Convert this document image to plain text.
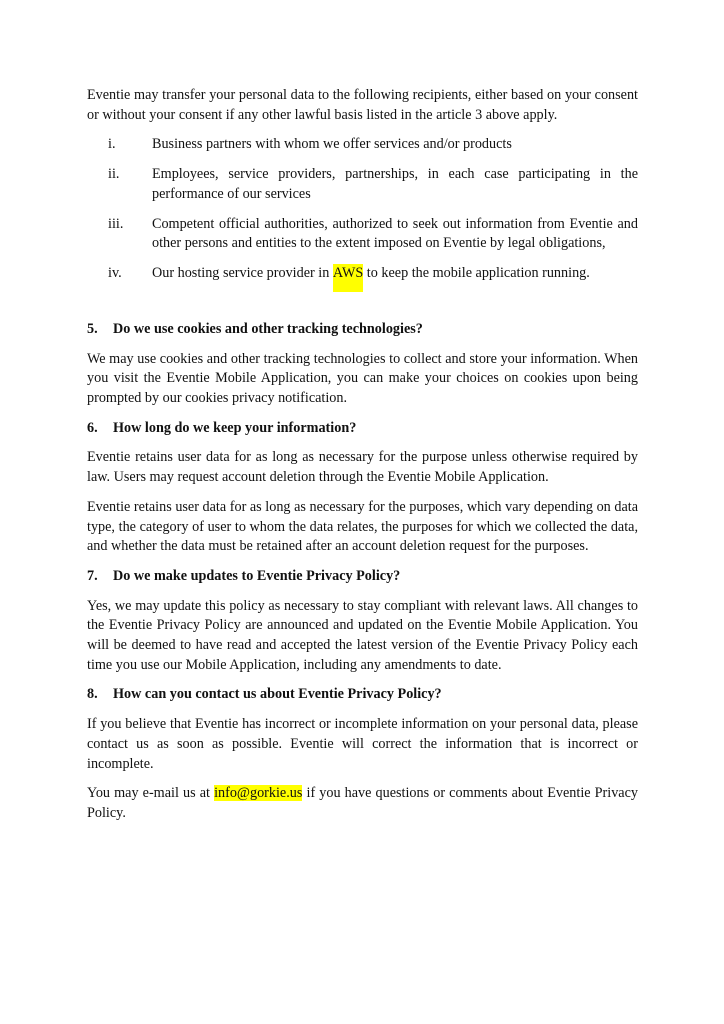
Eventie may transfer your personal data to the following recipients, either based on your consent or without your consent if any other lawful basis listed in the article 3 above apply.

i.	Business partners with whom we offer services and/or products
ii. Employees, service providers, partnerships, in each case participating in the performance of our services
iii. Competent official authorities, authorized to seek out information from Eventie and other persons and entities to the extent imposed on Eventie by legal obligations,
iv. Our hosting service provider in AWS to keep the mobile application running.
5. Do we use cookies and other tracking technologies?

We may use cookies and other tracking technologies to collect and store your information. When you visit the Eventie Mobile Application, you can make your choices on cookies upon being prompted by our cookies privacy notification.

6. How long do we keep your information?

Eventie retains user data for as long as necessary for the purpose unless otherwise required by law. Users may request account deletion through the Eventie Mobile Application.

Eventie retains user data for as long as necessary for the purposes, which vary depending on data type, the category of user to whom the data relates, the purposes for which we collected the data, and whether the data must be retained after an account deletion request for the purposes.

7. Do we make updates to Eventie Privacy Policy?

Yes, we may update this policy as necessary to stay compliant with relevant laws. All changes to the Eventie Privacy Policy are announced and updated on the Eventie Mobile Application. You will be deemed to have read and accepted the latest version of the Eventie Privacy Policy each time you use our Mobile Application, including any amendments to date.

8. How can you contact us about Eventie Privacy Policy?

If you believe that Eventie has incorrect or incomplete information on your personal data, please contact us as soon as possible. Eventie will correct the information that is incorrect or incomplete.

You may e-mail us at info@gorkie.us if you have questions or comments about Eventie Privacy Policy.
